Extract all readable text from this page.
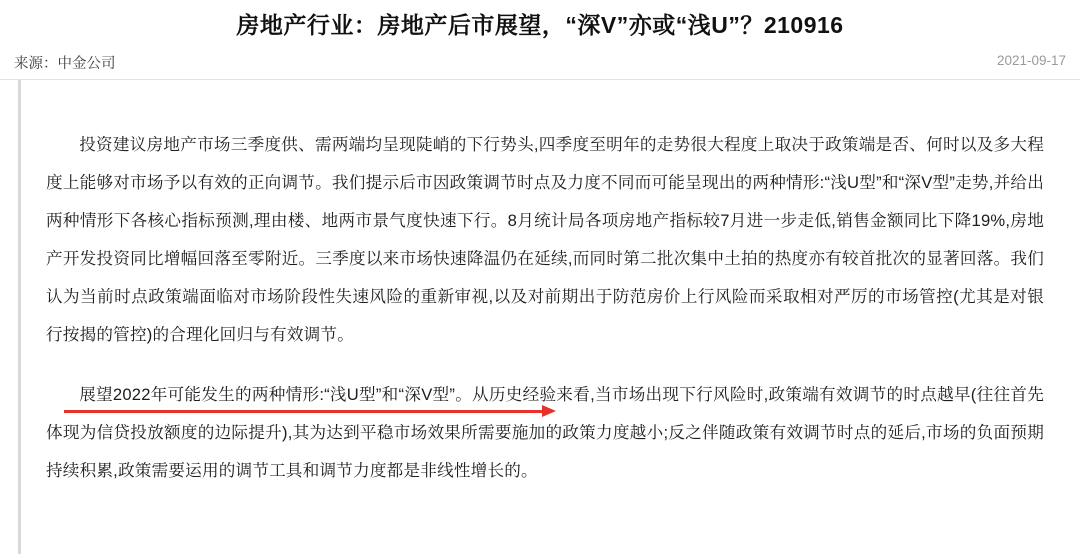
房地产行业：房地产后市展望，“深V”亦或“浅U”？210916
来源：中金公司	2021-09-17

投资建议房地产市场三季度供、需两端均呈现陡峭的下行势头,四季度至明年的走势很大程度上取决于政策端是否、何时以及多大程度上能够对市场予以有效的正向调节。我们提示后市因政策调节时点及力度不同而可能呈现出的两种情形:“浅U型”和“深V型”走势,并给出两种情形下各核心指标预测,理由楼、地两市景气度快速下行。8月统计局各项房地产指标较7月进一步走低,销售金额同比下降19%,房地产开发投资同比增幅回落至零附近。三季度以来市场快速降温仍在延续,而同时第二批次集中土拍的热度亦有较首批次的显著回落。我们认为当前时点政策端面临对市场阶段性失速风险的重新审视,以及对前期出于防范房价上行风险而采取相对严厉的市场管控(尤其是对银行按揭的管控)的合理化回归与有效调节。

展望2022年可能发生的两种情形:“浅U型”和“深V型”。从历史经验来看,当市场出现下行风险时,政策端有效调节的时点越早(往往首先体现为信贷投放额度的边际提升),其为达到平稳市场效果所需要施加的政策力度越小;反之伴随政策有效调节时点的延后,市场的负面预期持续积累,政策需要运用的调节工具和调节力度都是非线性增长的。
